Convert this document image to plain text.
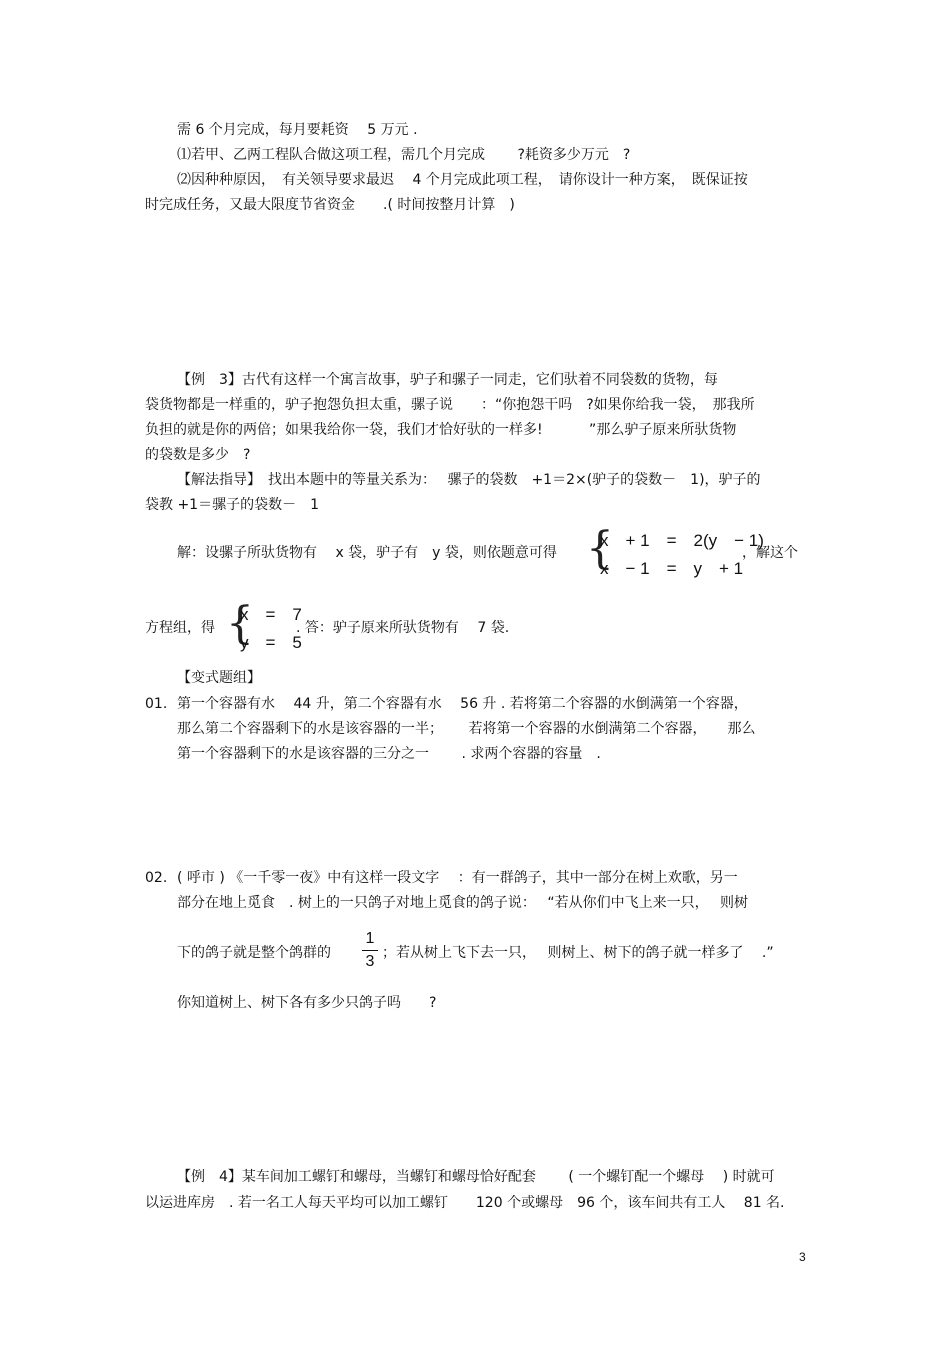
需 6 个月完成，每月要耗资　 5 万元 .
⑴若甲、乙两工程队合做这项工程，需几个月完成　　 ?耗资多少万元　?
⑵因种种原因，　有关领导要求最迟　 4 个月完成此项工程，　请你设计一种方案，　既保证按
时完成任务，又最大限度节省资金　　.( 时间按整月计算　)
【例　3】古代有这样一个寓言故事，驴子和骡子一同走，它们驮着不同袋数的货物，每
袋货物都是一样重的，驴子抱怨负担太重，骡子说　　：“你抱怨干吗　?如果你给我一袋，　那我所
负担的就是你的两倍；如果我给你一袋，我们才恰好驮的一样多!　　　 ”那么驴子原来所驮货物
的袋数是多少　?
【解法指导】　找出本题中的等量关系为：　 骡子的袋数　+1＝2×(驴子的袋数－　1)，驴子的
袋教 +1＝骡子的袋数－　1
解：设骡子所驮货物有　 x 袋，驴子有　y 袋，则依题意可得 {
x　+ 1　=　2(y　− 1)
x　− 1　=　y　+ 1
，解这个
方程组，得 {
x　=　7
y　=　5
. 答：驴子原来所驮货物有　 7 袋.
【变式题组】
01. 第一个容器有水　 44 升，第二个容器有水　 56 升 . 若将第二个容器的水倒满第一个容器，
那么第二个容器剩下的水是该容器的一半；　　 若将第一个容器的水倒满第二个容器，　　那么
第一个容器剩下的水是该容器的三分之一　　 . 求两个容器的容量　.
02. ( 呼市 ) 《一千零一夜》中有这样一段文字　 ：有一群鸽子，其中一部分在树上欢歌，另一
部分在地上觅食　. 树上的一只鸽子对地上觅食的鸽子说：　 “若从你们中飞上来一只，　 则树
下的鸽子就是整个鸽群的
1
3 ；若从树上飞下去一只，　 则树上、树下的鸽子就一样多了　 .”
你知道树上、树下各有多少只鸽子吗　　?
【例　4】某车间加工螺钉和螺母，当螺钉和螺母恰好配套　　 ( 一个螺钉配一个螺母　 ) 时就可
以运进库房　. 若一名工人每天平均可以加工螺钉　　120 个或螺母　96 个，该车间共有工人　 81 名.
3
